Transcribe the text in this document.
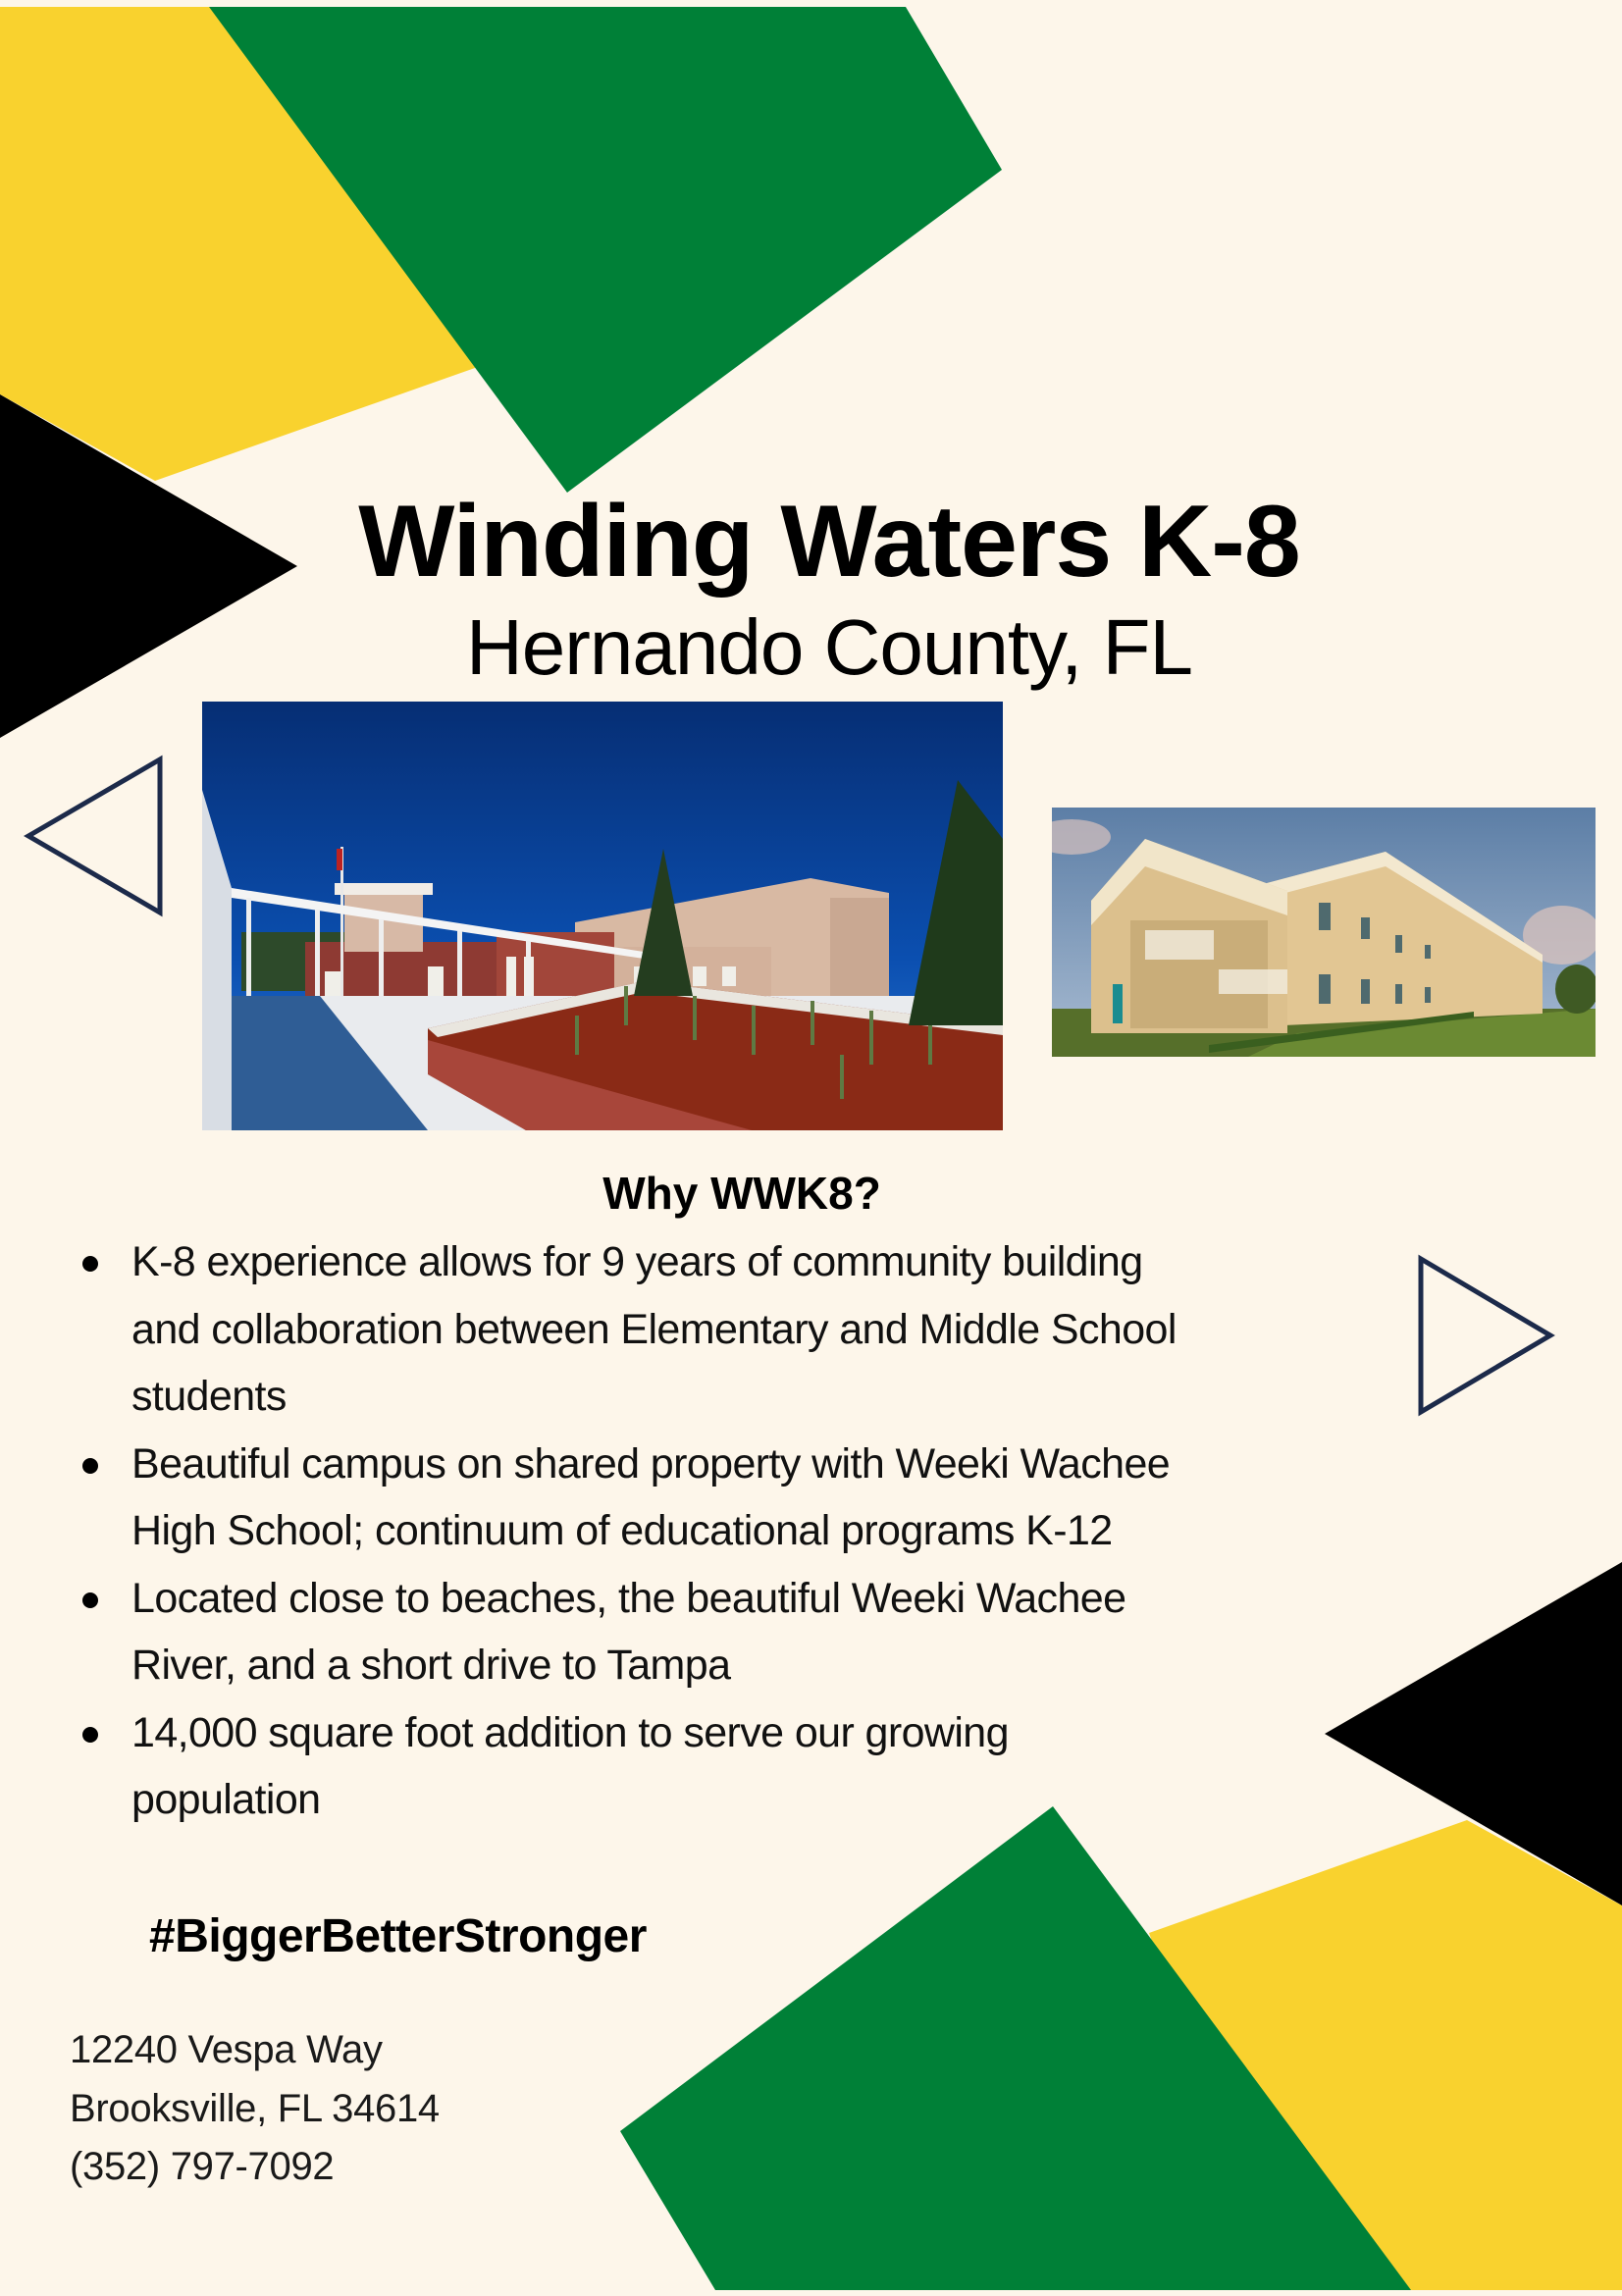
Winding Waters K-8
Hernando County, FL
Why WWK8?
K-8 experience allows for 9 years of community building
and collaboration between Elementary and Middle School
students
Beautiful campus on shared property with Weeki Wachee
High School; continuum of educational programs K-12
Located close to beaches, the beautiful Weeki Wachee
River, and a short drive to Tampa
14,000 square foot addition to serve our growing
population
#BiggerBetterStronger
12240 Vespa Way
Brooksville, FL 34614
(352) 797-7092
